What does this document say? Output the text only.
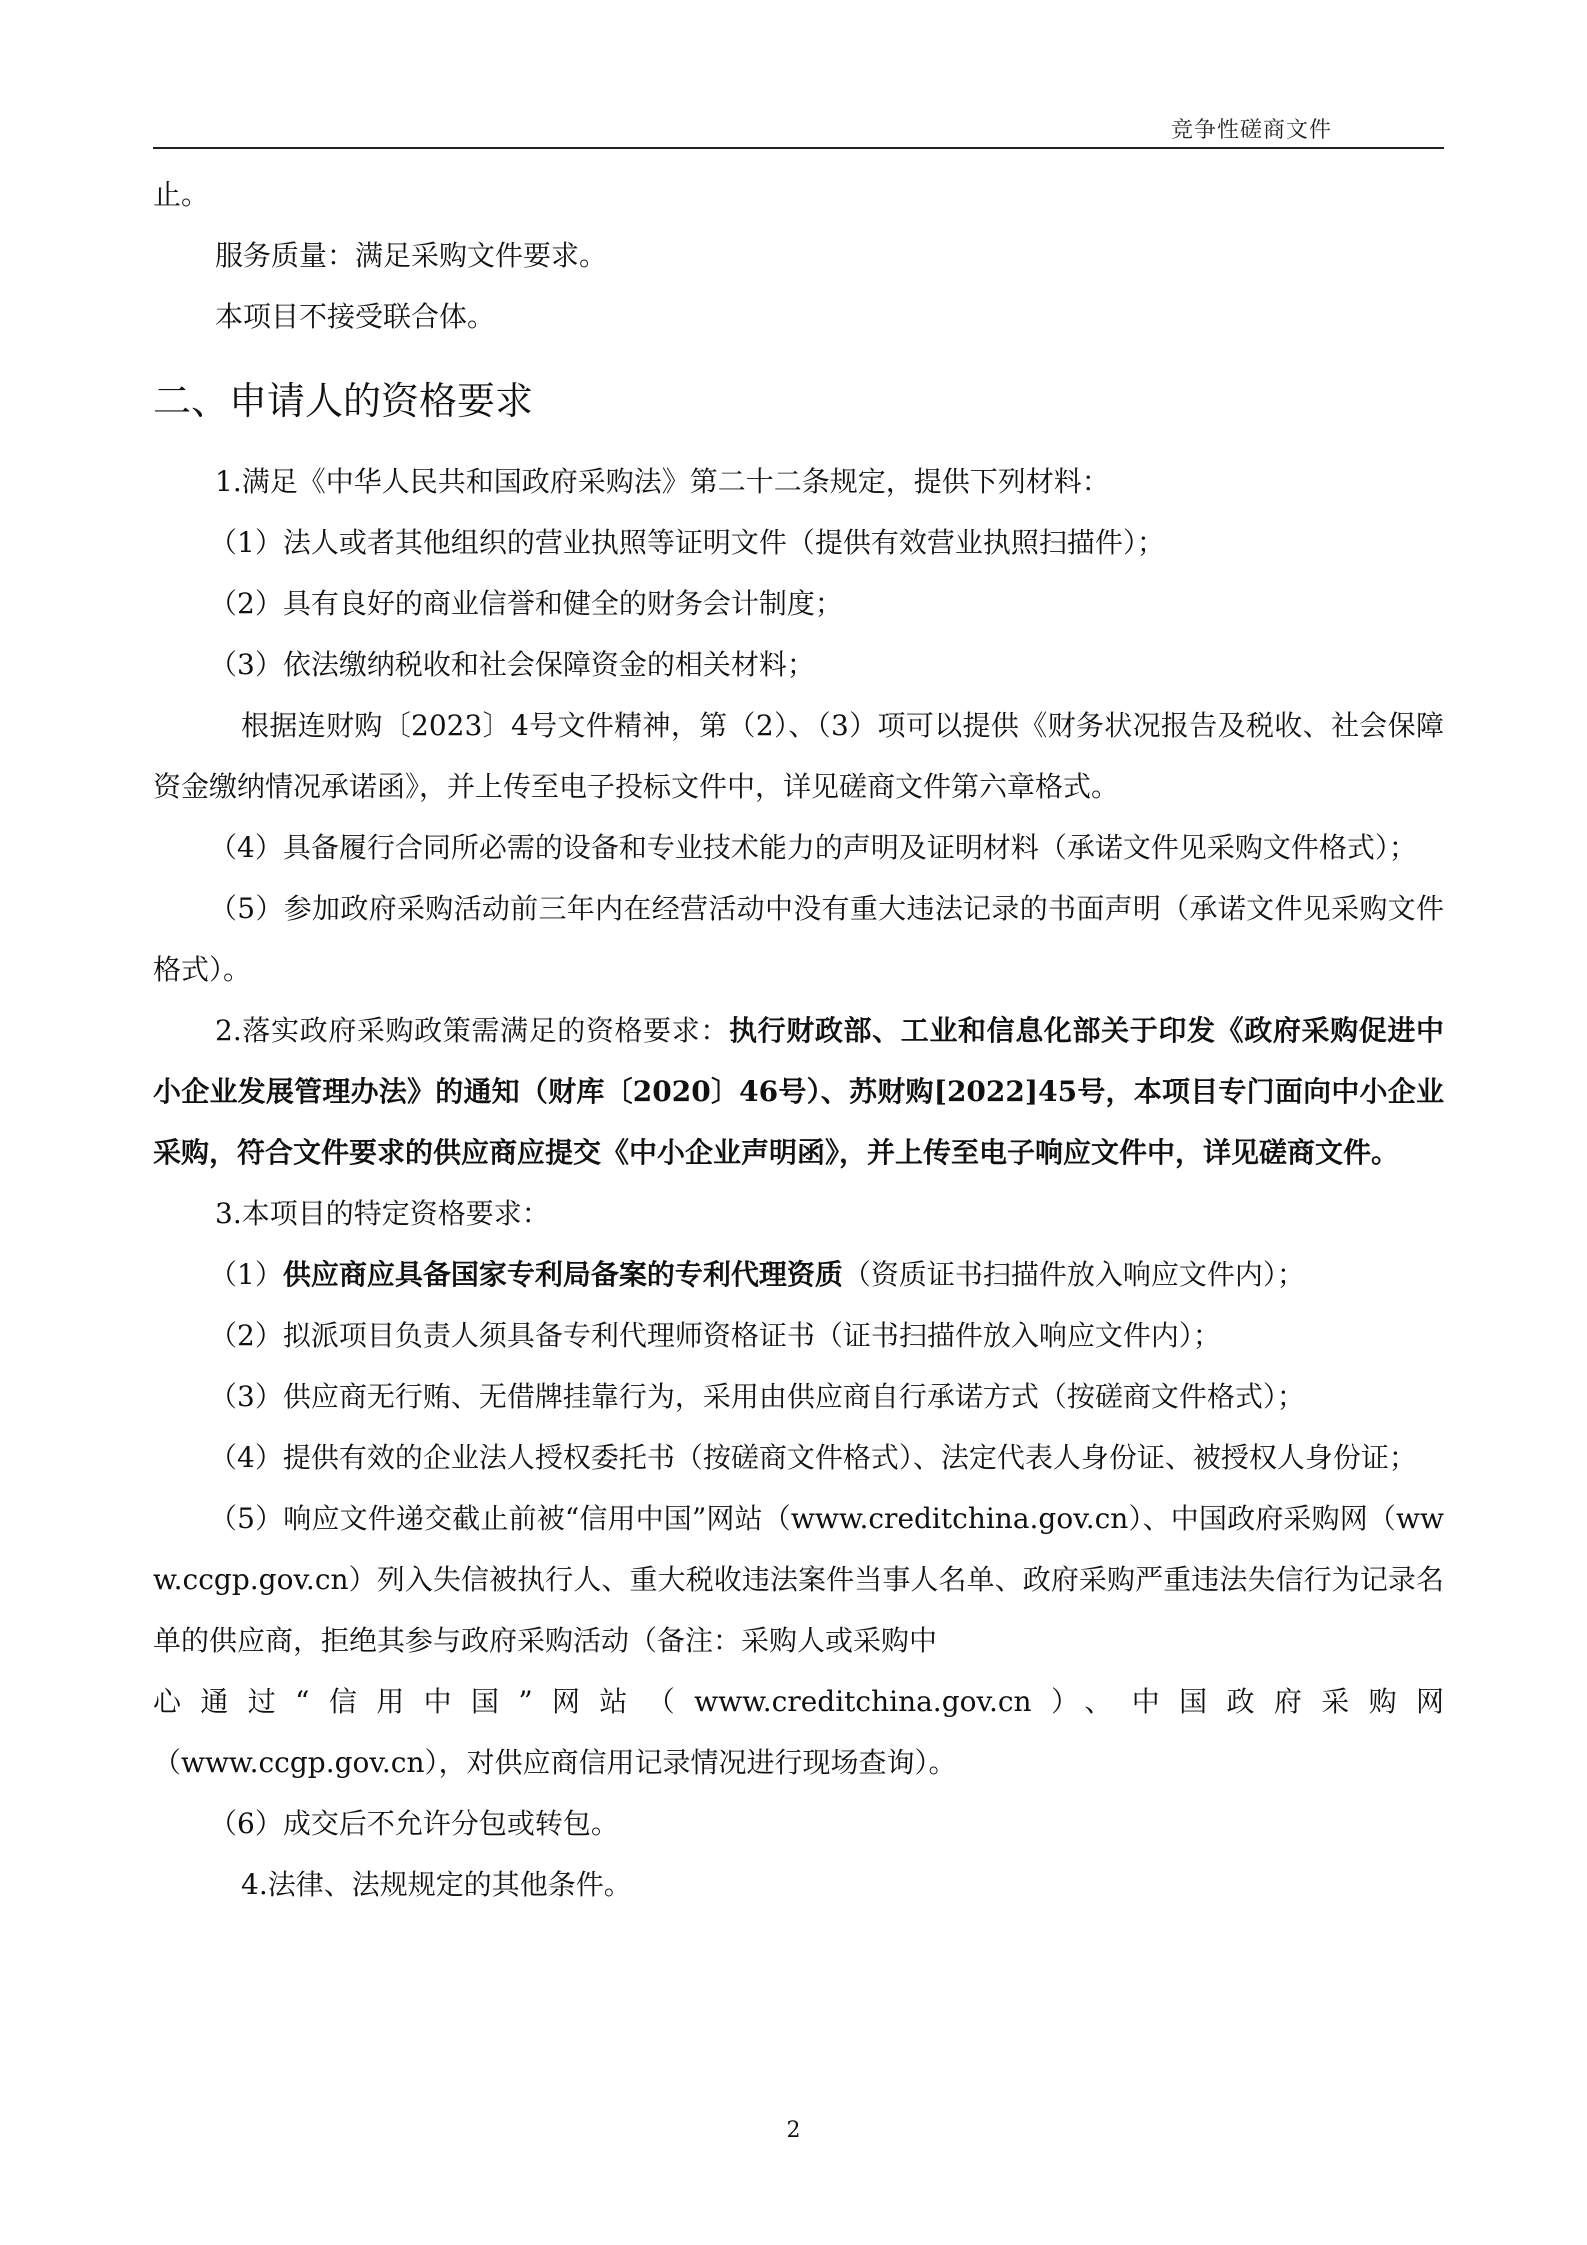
竞争性磋商文件

止。

服务质量：满足采购文件要求。

本项目不接受联合体。

二、申请人的资格要求

1.满足《中华人民共和国政府采购法》第二十二条规定，提供下列材料：

（1）法人或者其他组织的营业执照等证明文件（提供有效营业执照扫描件）；

（2）具有良好的商业信誉和健全的财务会计制度；

（3）依法缴纳税收和社会保障资金的相关材料；

根据连财购〔2023〕4号文件精神，第（2）、（3）项可以提供《财务状况报告及税收、社会保障资金缴纳情况承诺函》，并上传至电子投标文件中，详见磋商文件第六章格式。

（4）具备履行合同所必需的设备和专业技术能力的声明及证明材料（承诺文件见采购文件格式）；

（5）参加政府采购活动前三年内在经营活动中没有重大违法记录的书面声明（承诺文件见采购文件格式）。

2.落实政府采购政策需满足的资格要求：执行财政部、工业和信息化部关于印发《政府采购促进中小企业发展管理办法》的通知（财库〔2020〕46号）、苏财购[2022]45号，本项目专门面向中小企业采购，符合文件要求的供应商应提交《中小企业声明函》，并上传至电子响应文件中，详见磋商文件。

3.本项目的特定资格要求：

（1）供应商应具备国家专利局备案的专利代理资质（资质证书扫描件放入响应文件内）；

（2）拟派项目负责人须具备专利代理师资格证书（证书扫描件放入响应文件内）；

（3）供应商无行贿、无借牌挂靠行为，采用由供应商自行承诺方式（按磋商文件格式）；

（4）提供有效的企业法人授权委托书（按磋商文件格式）、法定代表人身份证、被授权人身份证；

（5）响应文件递交截止前被“信用中国”网站（www.creditchina.gov.cn）、中国政府采购网（www.ccgp.gov.cn）列入失信被执行人、重大税收违法案件当事人名单、政府采购严重违法失信行为记录名单的供应商，拒绝其参与政府采购活动（备注：采购人或采购中

心通过“信用中国”网站（www.creditchina.gov.cn）、中国政府采购网

（www.ccgp.gov.cn），对供应商信用记录情况进行现场查询）。

（6）成交后不允许分包或转包。

4.法律、法规规定的其他条件。

2
